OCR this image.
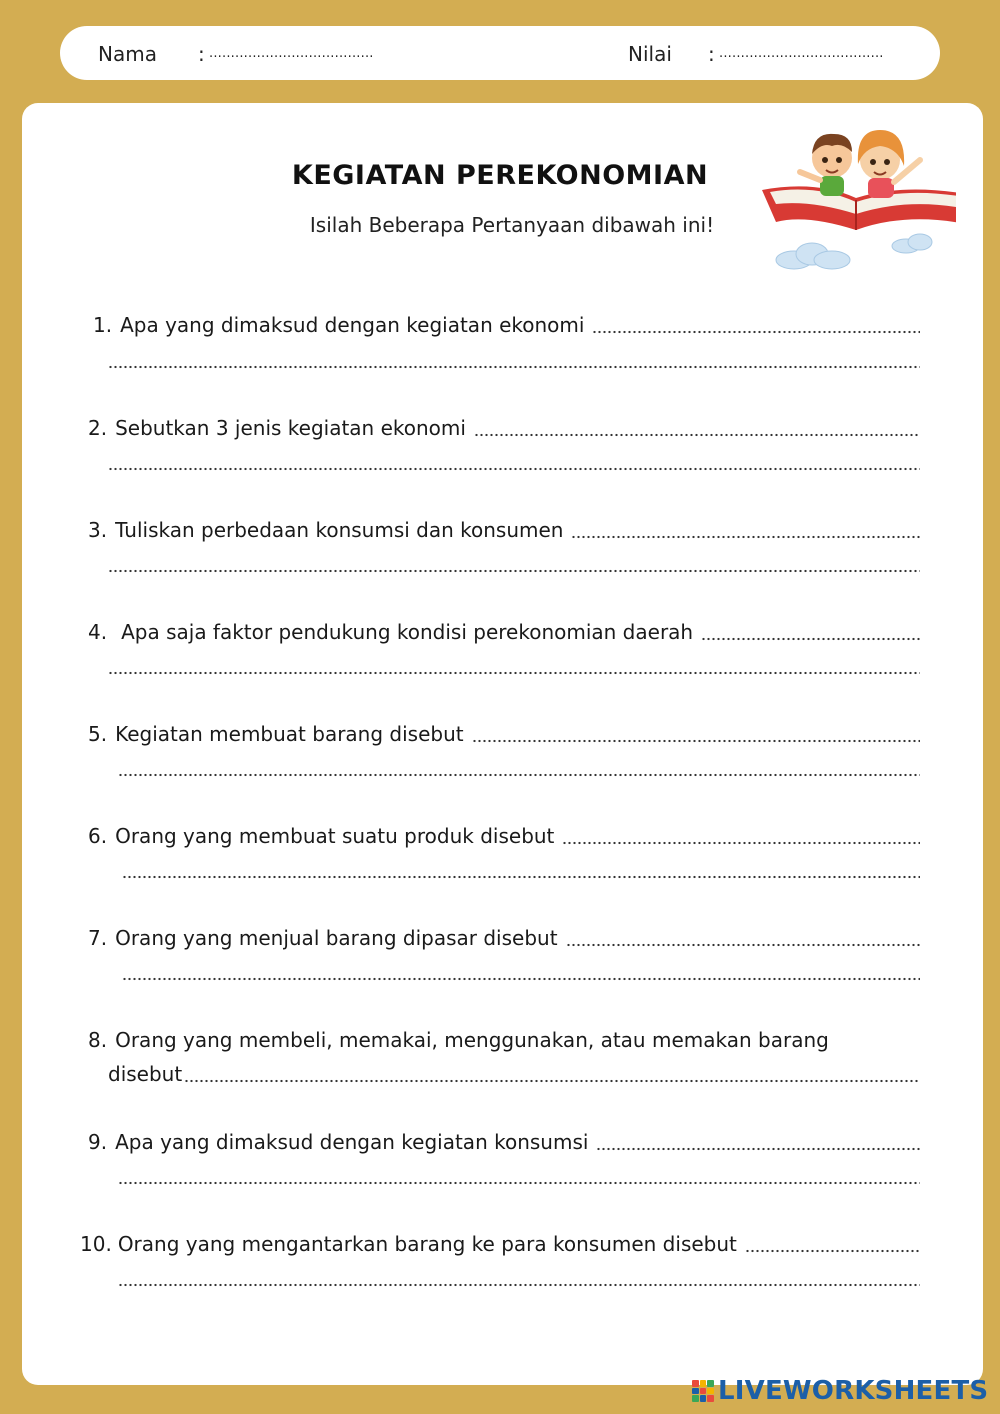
Nama : ......................................	Nilai : ......................................
KEGIATAN PEREKONOMIAN
Isilah Beberapa Pertanyaan dibawah ini!
1. Apa yang dimaksud dengan kegiatan ekonomi
2. Sebutkan 3 jenis kegiatan ekonomi
3. Tuliskan perbedaan konsumsi dan konsumen
4. Apa saja faktor pendukung kondisi perekonomian daerah
5. Kegiatan membuat barang disebut
6. Orang yang membuat suatu produk disebut
7. Orang yang menjual barang dipasar disebut
8. Orang yang membeli, memakai, menggunakan, atau memakan barang
disebut
9. Apa yang dimaksud dengan kegiatan konsumsi
10. Orang yang mengantarkan barang ke para konsumen disebut
LIVEWORKSHEETS
